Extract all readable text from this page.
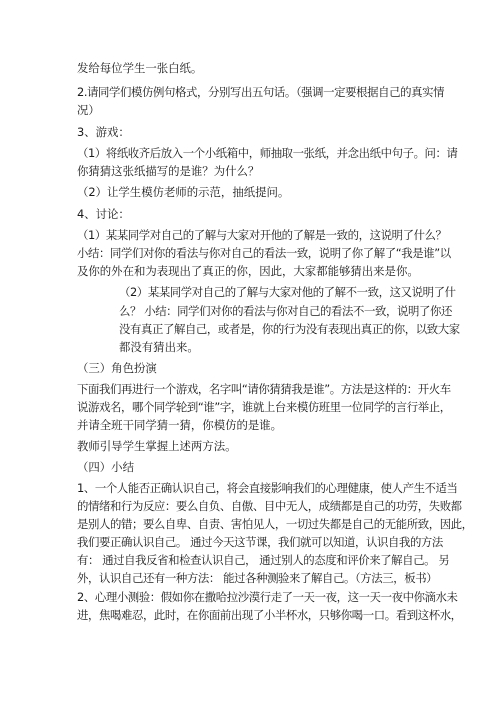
发给每位学生一张白纸。
2.请同学们模仿例句格式，分别写出五句话。（强调一定要根据自己的真实情
况）
3、游戏：
（1）将纸收齐后放入一个小纸箱中，师抽取一张纸，并念出纸中句子。问：请
你猜猜这张纸描写的是谁？为什么？
（2）让学生模仿老师的示范，抽纸提问。
4、讨论：
（1）某某同学对自己的了解与大家对开他的了解是一致的，这说明了什么？
小结：同学们对你的看法与你对自己的看法一致，说明了你了解了“我是谁”以
及你的外在和为表现出了真正的你，因此，大家都能够猜出来是你。
（2）某某同学对自己的了解与大家对他的了解不一致，这又说明了什
么？ 小结：同学们对你的看法与你对自己的看法不一致，说明了你还
没有真正了解自己，或者是，你的行为没有表现出真正的你，以致大家
都没有猜出来。
（三）角色扮演
下面我们再进行一个游戏，名字叫“请你猜猜我是谁”。方法是这样的：开火车
说游戏名，哪个同学轮到“谁”字，谁就上台来模仿班里一位同学的言行举止，
并请全班干同学猜一猜，你模仿的是谁。
教师引导学生掌握上述两方法。
（四）小结
1、一个人能否正确认识自己，将会直接影响我们的心理健康，使人产生不适当
的情绪和行为反应：要么自负、自傲、目中无人，成绩都是自己的功劳，失败都
是别人的错；要么自卑、自责、害怕见人，一切过失都是自己的无能所致，因此，
我们要正确认识自己。 通过今天这节课，我们就可以知道，认识自我的方法
有： 通过自我反省和检查认识自己， 通过别人的态度和评价来了解自己。 另
外，认识自己还有一种方法： 能过各种测验来了解自己。（方法三，板书）
2、心理小测验：假如你在撒哈拉沙漠行走了一天一夜，这一天一夜中你滴水未
进，焦喝难忍，此时，在你面前出现了小半杯水，只够你喝一口。看到这杯水，
